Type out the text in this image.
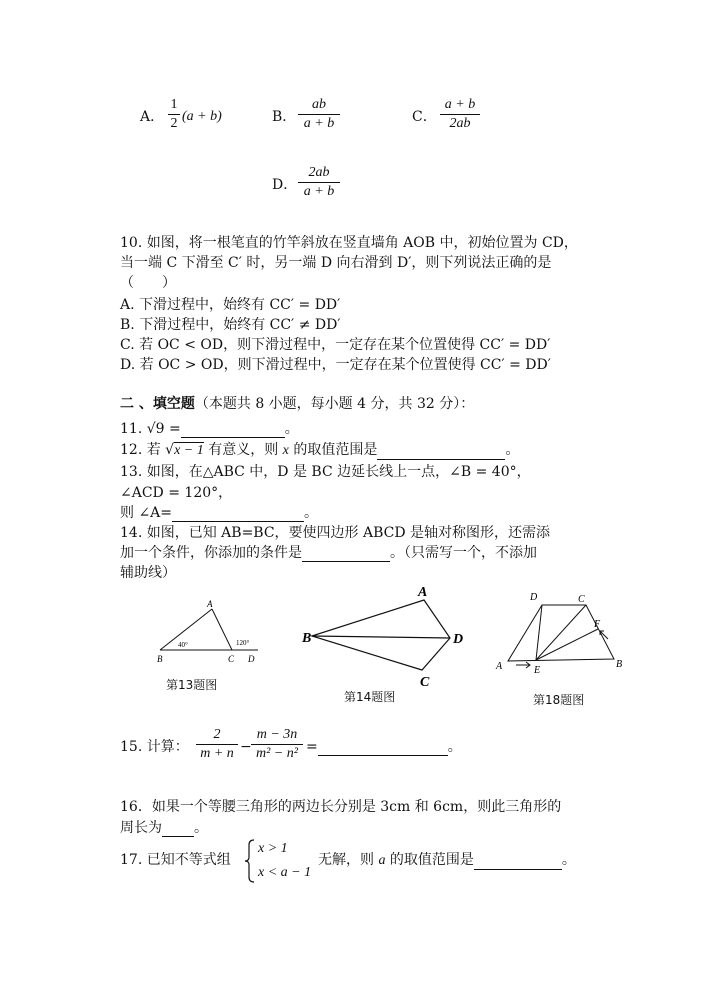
A．
1
2 (a + b)	B．
ab
a + b	C．
a + b
2ab
D．
2ab
a + b
10. 如图，将一根笔直的竹竿斜放在竖直墙角 AOB 中，初始位置为 CD，
当一端 C 下滑至 C′ 时，另一端 D 向右滑到 D′，则下列说法正确的是
（　　）
A. 下滑过程中，始终有 CC′ = DD′
B. 下滑过程中，始终有 CC′ ≠ DD′
C. 若 OC < OD，则下滑过程中，一定存在某个位置使得 CC′ = DD′
D. 若 OC > OD，则下滑过程中，一定存在某个位置使得 CC′ = DD′
二 、填空题（本题共 8 小题，每小题 4 分，共 32 分）：
11. √9 =	。
12. 若 √x − 1 有意义，则 x 的取值范围是	。
13. 如图，在△ABC 中，D 是 BC 边延长线上一点，∠B = 40°，
∠ACD = 120°，
则 ∠A=	。
14. 如图，已知 AB=BC，要使四边形 ABCD 是轴对称图形，还需添
加一个条件，你添加的条件是	。（只需写一个，不添加
辅助线）
A
B	C D
40°	120°
第13题图
A
B
C
D
第14题图
D	C
F
A	E
B
第18题图
15. 计算：
2
m + n −
m − 3n
m² − n² =	。
16．如果一个等腰三角形的两边长分别是 3cm 和 6cm，则此三角形的
周长为 。
17. 已知不等式组
x > 1
x < a − 1
无解，则 a 的取值范围是	。
